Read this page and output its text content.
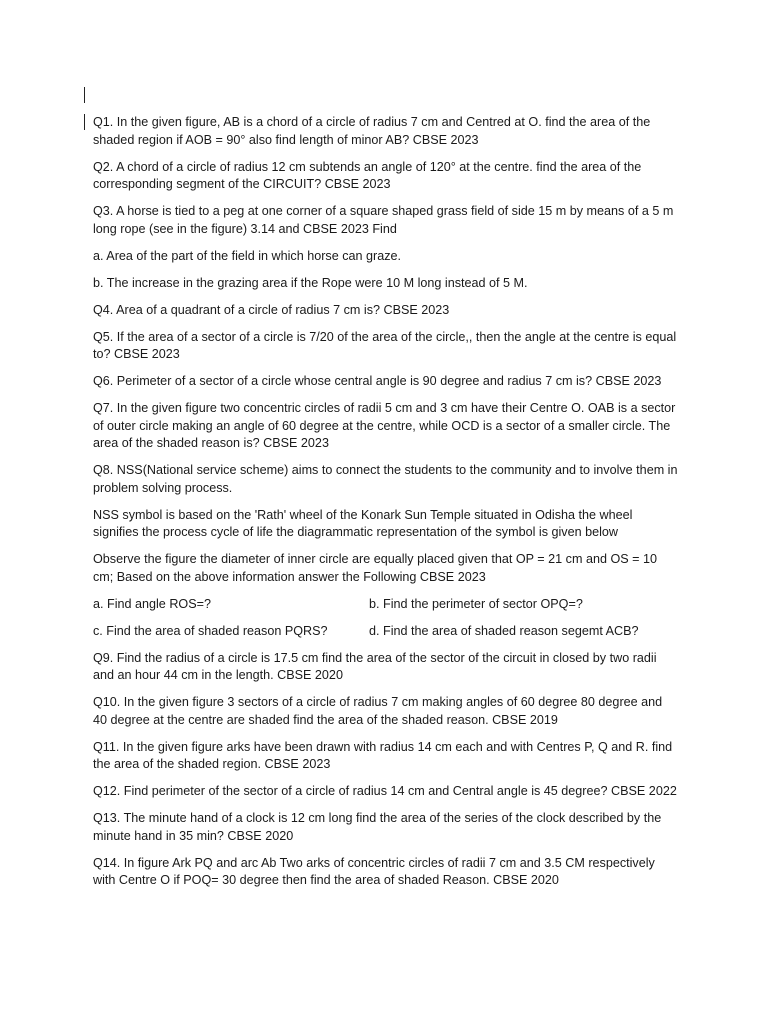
Q1. In the given figure, AB is a chord of a circle of radius 7 cm and Centred at O. find the area of the shaded region if AOB = 90° also find length of minor AB? CBSE 2023

Q2. A chord of a circle of radius 12 cm subtends an angle of 120° at the centre. find the area of the corresponding segment of the CIRCUIT? CBSE 2023

Q3. A horse is tied to a peg at one corner of a square shaped grass field of side 15 m by means of a 5 m long rope (see in the figure) 3.14 and CBSE 2023 Find

a. Area of the part of the field in which horse can graze.

b. The increase in the grazing area if the Rope were 10 M long instead of 5 M.

Q4. Area of a quadrant of a circle of radius 7 cm is? CBSE 2023

Q5. If the area of a sector of a circle is 7/20 of the area of the circle,, then the angle at the centre is equal to? CBSE 2023

Q6. Perimeter of a sector of a circle whose central angle is 90 degree and radius 7 cm is? CBSE 2023

Q7. In the given figure two concentric circles of radii 5 cm and 3 cm have their Centre O. OAB is a sector of outer circle making an angle of 60 degree at the centre, while OCD is a sector of a smaller circle. The area of the shaded reason is? CBSE 2023

Q8. NSS(National service scheme) aims to connect the students to the community and to involve them in problem solving process.

NSS symbol is based on the 'Rath' wheel of the Konark Sun Temple situated in Odisha the wheel signifies the process cycle of life the diagrammatic representation of the symbol is given below

Observe the figure the diameter of inner circle are equally placed given that OP = 21 cm and OS = 10 cm; Based on the above information answer the Following CBSE 2023

a. Find angle ROS=?	b. Find the perimeter of sector OPQ=?
c. Find the area of shaded reason PQRS?	d. Find the area of shaded reason segemt ACB?

Q9. Find the radius of a circle is 17.5 cm find the area of the sector of the circuit in closed by two radii and an hour 44 cm in the length. CBSE 2020

Q10. In the given figure 3 sectors of a circle of radius 7 cm making angles of 60 degree 80 degree and 40 degree at the centre are shaded find the area of the shaded reason. CBSE 2019

Q11. In the given figure arks have been drawn with radius 14 cm each and with Centres P, Q and R. find the area of the shaded region. CBSE 2023

Q12. Find perimeter of the sector of a circle of radius 14 cm and Central angle is 45 degree? CBSE 2022

Q13. The minute hand of a clock is 12 cm long find the area of the series of the clock described by the minute hand in 35 min? CBSE 2020

Q14. In figure Ark PQ and arc Ab Two arks of concentric circles of radii 7 cm and 3.5 CM respectively with Centre O if POQ= 30 degree then find the area of shaded Reason. CBSE 2020
